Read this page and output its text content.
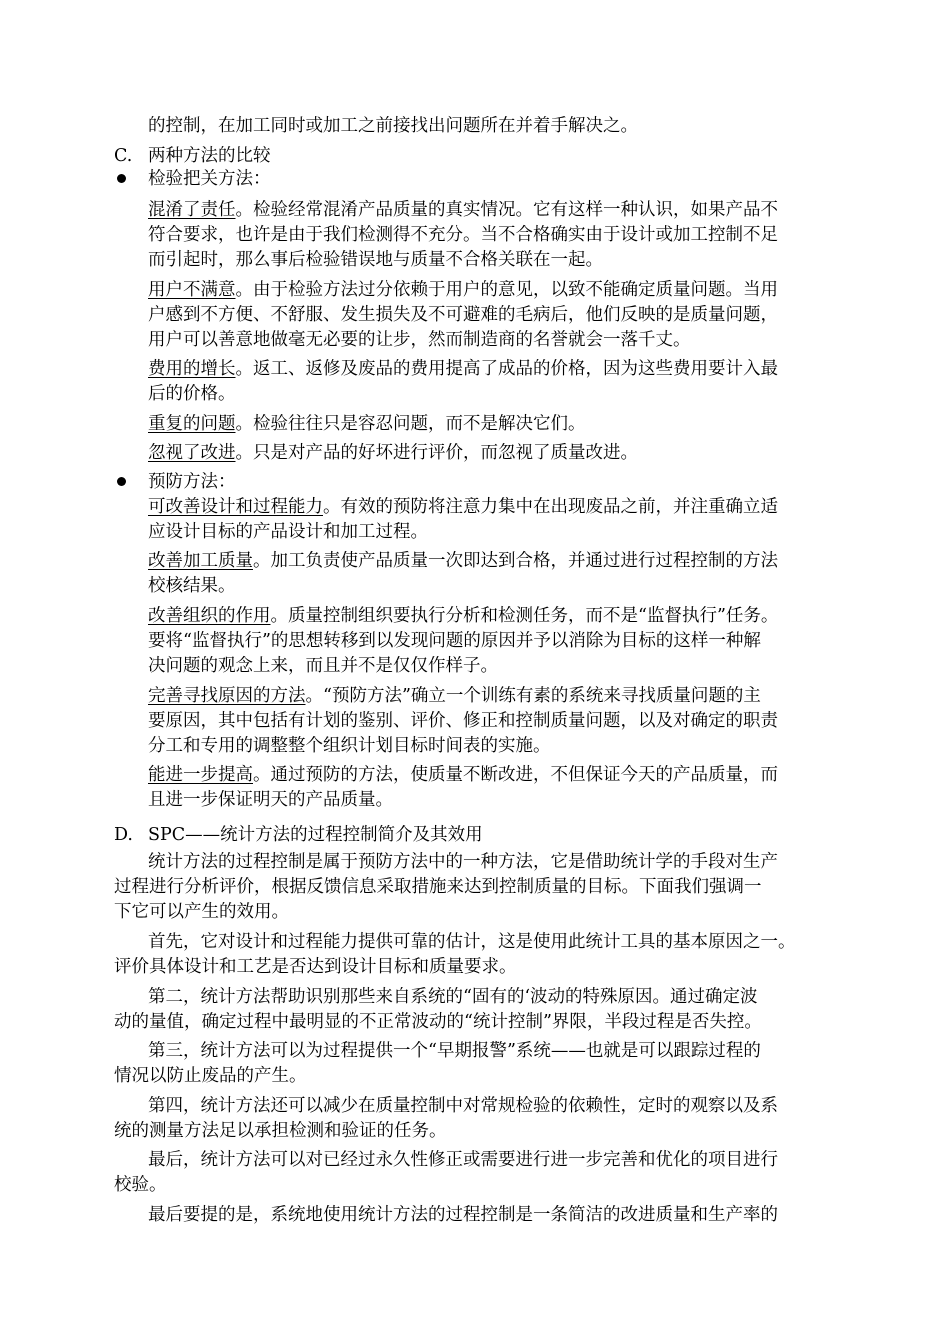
的控制，在加工同时或加工之前接找出问题所在并着手解决之。
C. 两种方法的比较
检验把关方法：
混淆了责任。检验经常混淆产品质量的真实情况。它有这样一种认识，如果产品不
符合要求，也许是由于我们检测得不充分。当不合格确实由于设计或加工控制不足
而引起时，那么事后检验错误地与质量不合格关联在一起。
用户不满意。由于检验方法过分依赖于用户的意见，以致不能确定质量问题。当用
户感到不方便、不舒服、发生损失及不可避难的毛病后，他们反映的是质量问题，
用户可以善意地做毫无必要的让步，然而制造商的名誉就会一落千丈。
费用的增长。返工、返修及废品的费用提高了成品的价格，因为这些费用要计入最
后的价格。
重复的问题。检验往往只是容忍问题，而不是解决它们。
忽视了改进。只是对产品的好坏进行评价，而忽视了质量改进。
预防方法：
可改善设计和过程能力。有效的预防将注意力集中在出现废品之前，并注重确立适
应设计目标的产品设计和加工过程。
改善加工质量。加工负责使产品质量一次即达到合格，并通过进行过程控制的方法
校核结果。
改善组织的作用。质量控制组织要执行分析和检测任务，而不是“监督执行”任务。
要将“监督执行”的思想转移到以发现问题的原因并予以消除为目标的这样一种解
决问题的观念上来，而且并不是仅仅作样子。
完善寻找原因的方法。“预防方法”确立一个训练有素的系统来寻找质量问题的主
要原因，其中包括有计划的鉴别、评价、修正和控制质量问题，以及对确定的职责
分工和专用的调整整个组织计划目标时间表的实施。
能进一步提高。通过预防的方法，使质量不断改进，不但保证今天的产品质量，而
且进一步保证明天的产品质量。
D. SPC——统计方法的过程控制简介及其效用
统计方法的过程控制是属于预防方法中的一种方法，它是借助统计学的手段对生产
过程进行分析评价，根据反馈信息采取措施来达到控制质量的目标。下面我们强调一
下它可以产生的效用。
首先，它对设计和过程能力提供可靠的估计，这是使用此统计工具的基本原因之一。
评价具体设计和工艺是否达到设计目标和质量要求。
第二，统计方法帮助识别那些来自系统的“固有的‘波动的特殊原因。通过确定波
动的量值，确定过程中最明显的不正常波动的“统计控制”界限，半段过程是否失控。
第三，统计方法可以为过程提供一个“早期报警”系统——也就是可以跟踪过程的
情况以防止废品的产生。
第四，统计方法还可以减少在质量控制中对常规检验的依赖性，定时的观察以及系
统的测量方法足以承担检测和验证的任务。
最后，统计方法可以对已经过永久性修正或需要进行进一步完善和优化的项目进行
校验。
最后要提的是，系统地使用统计方法的过程控制是一条简洁的改进质量和生产率的
